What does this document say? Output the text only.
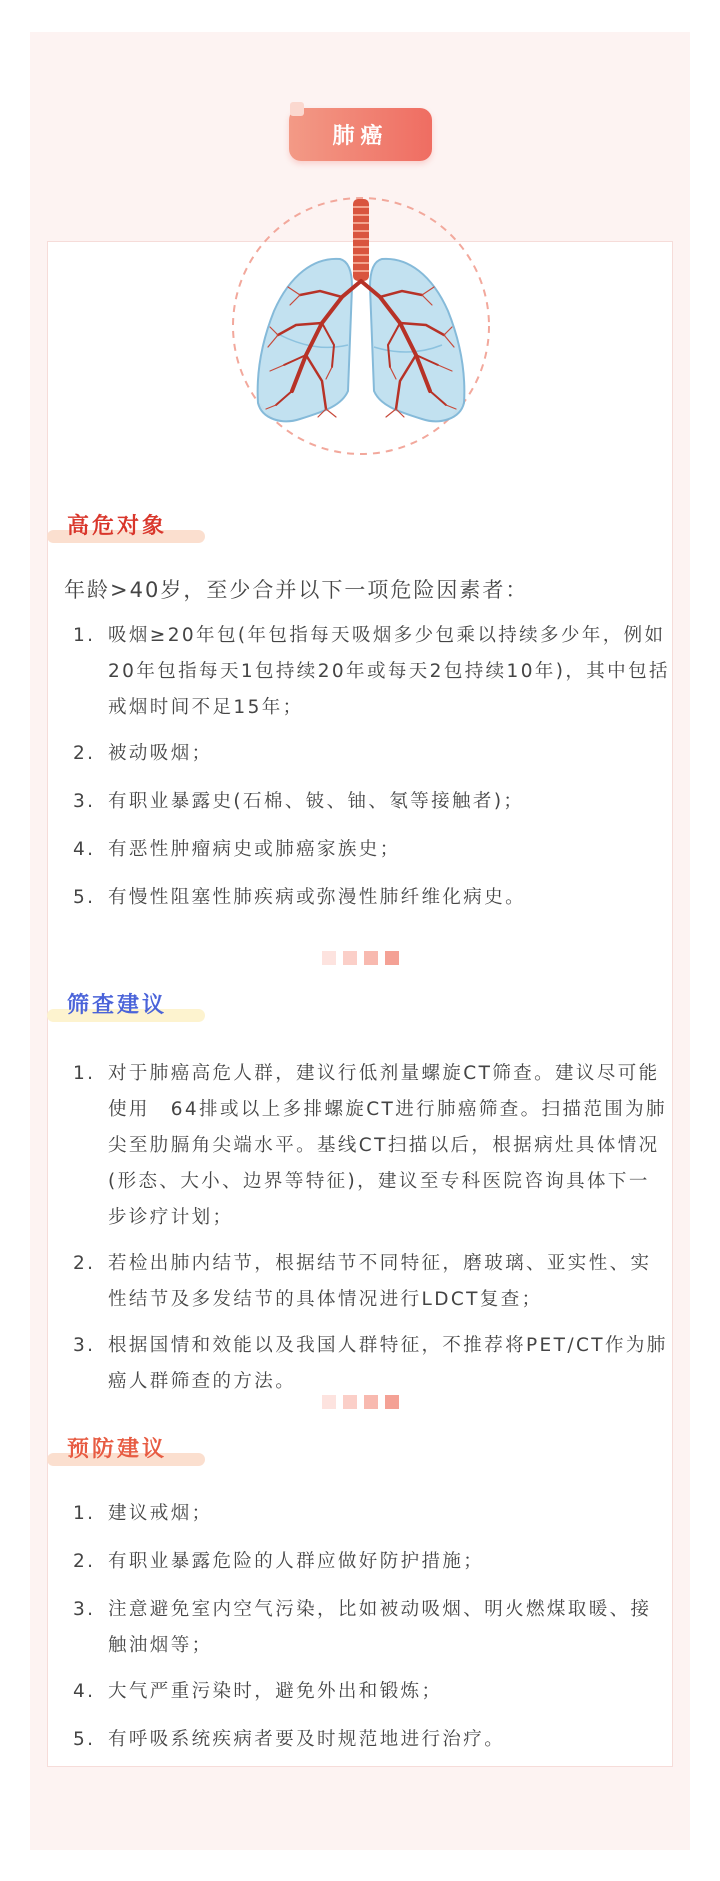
肺癌
高危对象
年龄>40岁，至少合并以下一项危险因素者：
1. 吸烟≥20年包(年包指每天吸烟多少包乘以持续多少年，例如20年包指每天1包持续20年或每天2包持续10年)，其中包括戒烟时间不足15年；
2. 被动吸烟；
3. 有职业暴露史(石棉、铍、铀、氡等接触者)；
4. 有恶性肿瘤病史或肺癌家族史；
5. 有慢性阻塞性肺疾病或弥漫性肺纤维化病史。
筛查建议
1. 对于肺癌高危人群，建议行低剂量螺旋CT筛查。建议尽可能使用　64排或以上多排螺旋CT进行肺癌筛查。扫描范围为肺尖至肋膈角尖端水平。基线CT扫描以后，根据病灶具体情况(形态、大小、边界等特征)，建议至专科医院咨询具体下一步诊疗计划；
2. 若检出肺内结节，根据结节不同特征，磨玻璃、亚实性、实性结节及多发结节的具体情况进行LDCT复查；
3. 根据国情和效能以及我国人群特征，不推荐将PET/CT作为肺癌人群筛查的方法。
预防建议
1. 建议戒烟；
2. 有职业暴露危险的人群应做好防护措施；
3. 注意避免室内空气污染，比如被动吸烟、明火燃煤取暖、接触油烟等；
4. 大气严重污染时，避免外出和锻炼；
5. 有呼吸系统疾病者要及时规范地进行治疗。
